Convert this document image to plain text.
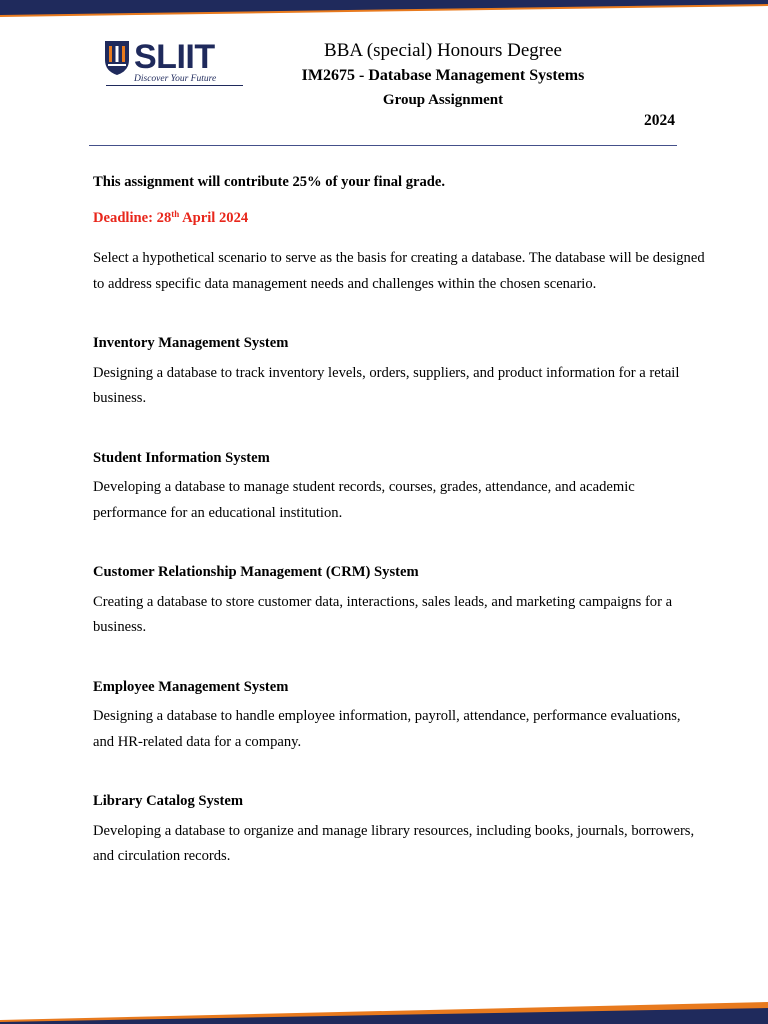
SLIIT
Discover Your Future
BBA (special) Honours Degree
IM2675 - Database Management Systems
Group Assignment
2024

This assignment will contribute 25% of your final grade.

Deadline: 28th April 2024

Select a hypothetical scenario to serve as the basis for creating a database. The database will be designed to address specific data management needs and challenges within the chosen scenario.

Inventory Management System

Designing a database to track inventory levels, orders, suppliers, and product information for a retail business.

Student Information System

Developing a database to manage student records, courses, grades, attendance, and academic performance for an educational institution.

Customer Relationship Management (CRM) System

Creating a database to store customer data, interactions, sales leads, and marketing campaigns for a business.

Employee Management System

Designing a database to handle employee information, payroll, attendance, performance evaluations, and HR-related data for a company.

Library Catalog System

Developing a database to organize and manage library resources, including books, journals, borrowers, and circulation records.
